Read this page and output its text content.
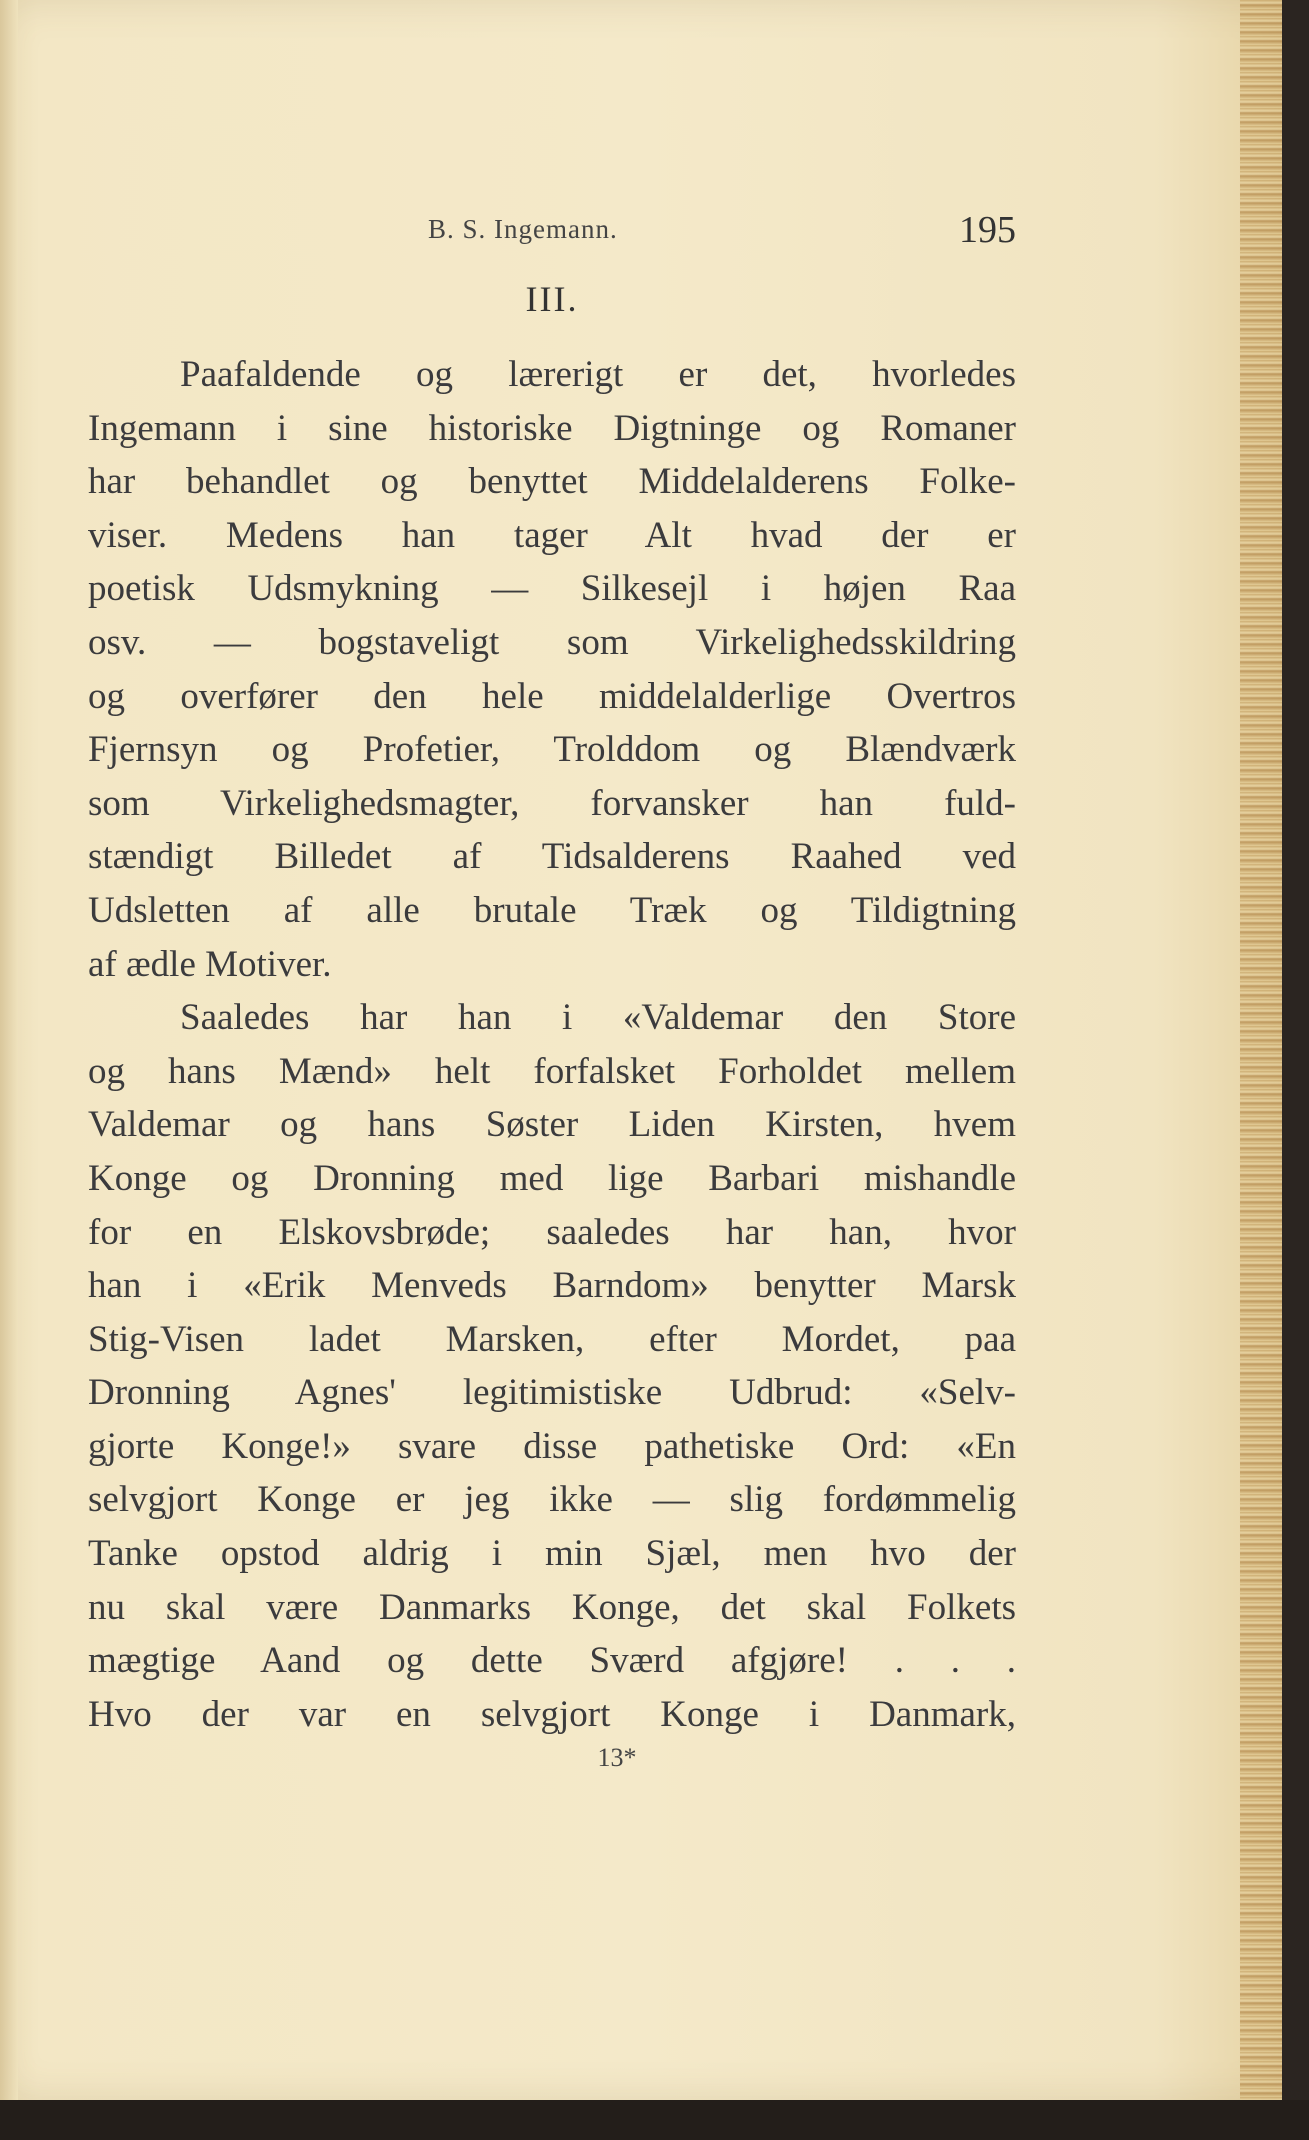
B. S. Ingemann.	195
III.

Paafaldende og lærerigt er det, hvorledes
Ingemann i sine historiske Digtninge og Romaner
har behandlet og benyttet Middelalderens Folke-
viser. Medens han tager Alt hvad der er
poetisk Udsmykning — Silkesejl i højen Raa
osv. — bogstaveligt som Virkelighedsskildring
og overfører den hele middelalderlige Overtros
Fjernsyn og Profetier, Trolddom og Blændværk
som Virkelighedsmagter, forvansker han fuld-
stændigt Billedet af Tidsalderens Raahed ved
Udsletten af alle brutale Træk og Tildigtning
af ædle Motiver.

Saaledes har han i «Valdemar den Store
og hans Mænd» helt forfalsket Forholdet mellem
Valdemar og hans Søster Liden Kirsten, hvem
Konge og Dronning med lige Barbari mishandle
for en Elskovsbrøde; saaledes har han, hvor
han i «Erik Menveds Barndom» benytter Marsk
Stig-Visen ladet Marsken, efter Mordet, paa
Dronning Agnes' legitimistiske Udbrud: «Selv-
gjorte Konge!» svare disse pathetiske Ord: «En
selvgjort Konge er jeg ikke — slig fordømmelig
Tanke opstod aldrig i min Sjæl, men hvo der
nu skal være Danmarks Konge, det skal Folkets
mægtige Aand og dette Sværd afgjøre! . . .
Hvo der var en selvgjort Konge i Danmark,

13*
